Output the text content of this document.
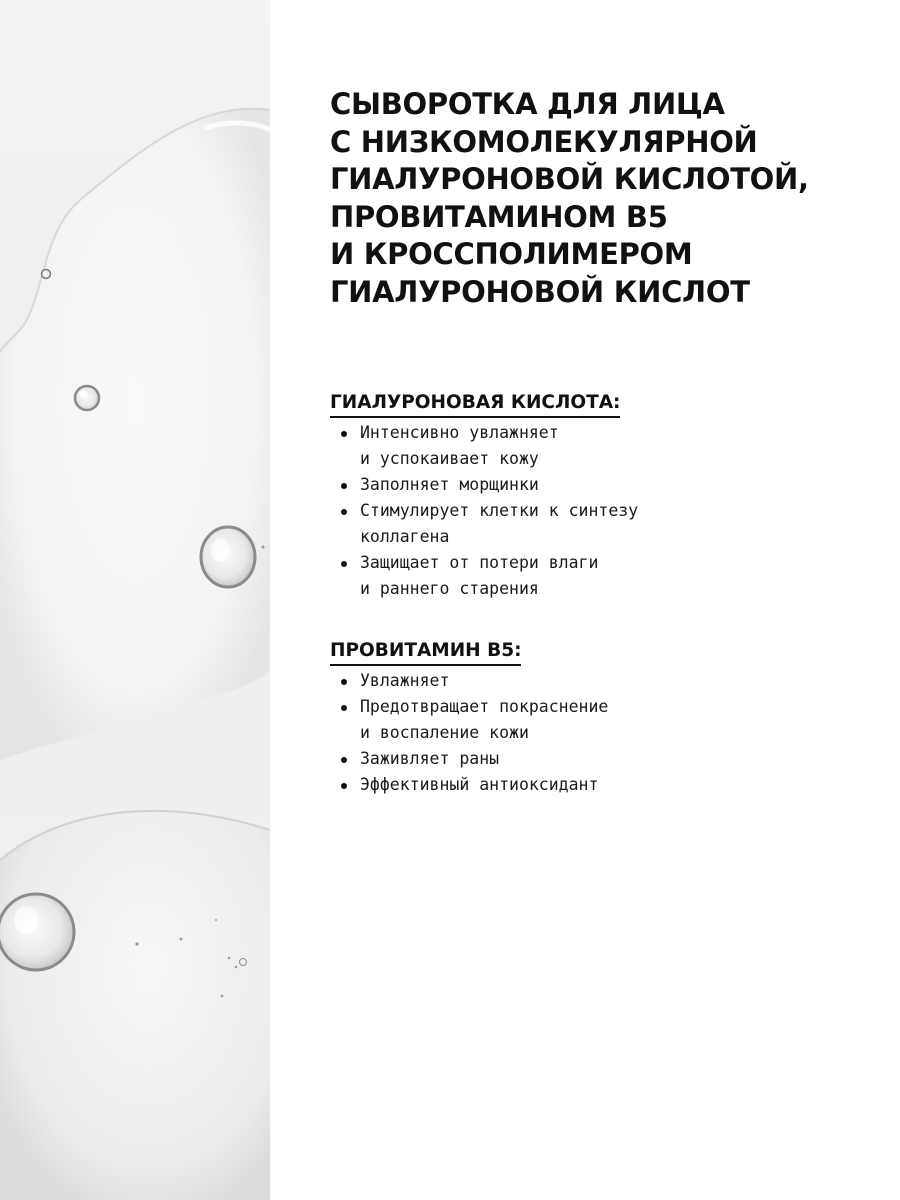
СЫВОРОТКА ДЛЯ ЛИЦА
С НИЗКОМОЛЕКУЛЯРНОЙ
ГИАЛУРОНОВОЙ КИСЛОТОЙ,
ПРОВИТАМИНОМ В5
И КРОССПОЛИМЕРОМ
ГИАЛУРОНОВОЙ КИСЛОТ
ГИАЛУРОНОВАЯ КИСЛОТА:
Интенсивно увлажняет
и успокаивает кожу
Заполняет морщинки
Стимулирует клетки к синтезу
коллагена
Защищает от потери влаги
и раннего старения
ПРОВИТАМИН В5:
Увлажняет
Предотвращает покраснение
и воспаление кожи
Заживляет раны
Эффективный антиоксидант
